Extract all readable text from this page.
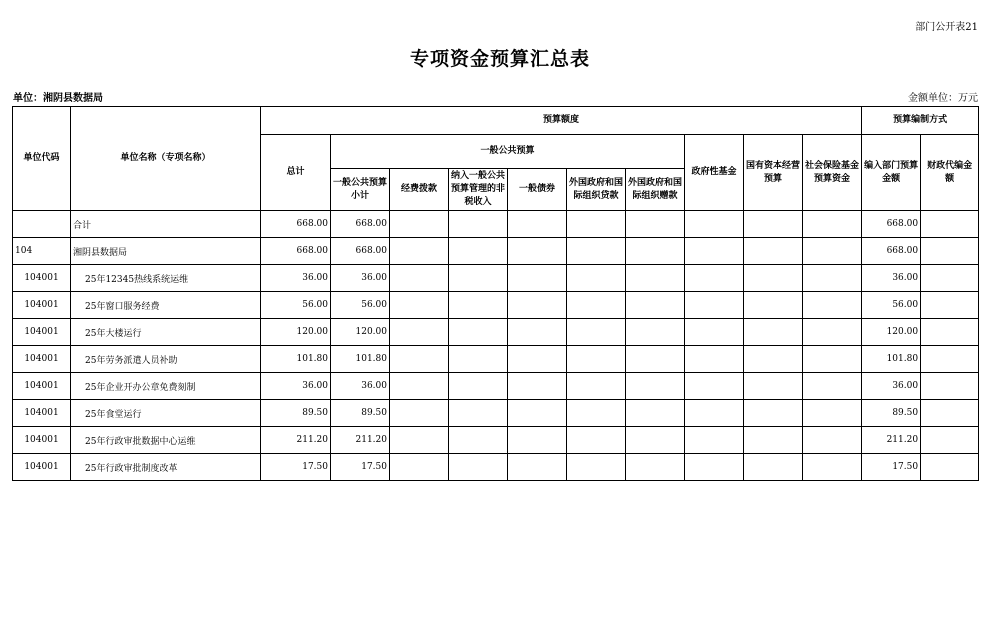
部门公开表21
专项资金预算汇总表
单位：湘阴县数据局	金额单位：万元
单位代码	单位名称（专项名称）	预算额度										预算编制方式	
		总计	一般公共预算						政府性基金	国有资本经营预算	社会保险基金预算资金	编入部门预算金额	财政代编金额
			一般公共预算小计	经费拨款	纳入一般公共预算管理的非税收入	一般债券	外国政府和国际组织贷款	外国政府和国际组织赠款					
	合计	668.00	668.00									668.00	
104	湘阴县数据局	668.00	668.00									668.00	
104001	25年12345热线系统运维	36.00	36.00									36.00	
104001	25年窗口服务经费	56.00	56.00									56.00	
104001	25年大楼运行	120.00	120.00									120.00	
104001	25年劳务派遣人员补助	101.80	101.80									101.80	
104001	25年企业开办公章免费刻制	36.00	36.00									36.00	
104001	25年食堂运行	89.50	89.50									89.50	
104001	25年行政审批数据中心运维	211.20	211.20									211.20	
104001	25年行政审批制度改革	17.50	17.50									17.50	
